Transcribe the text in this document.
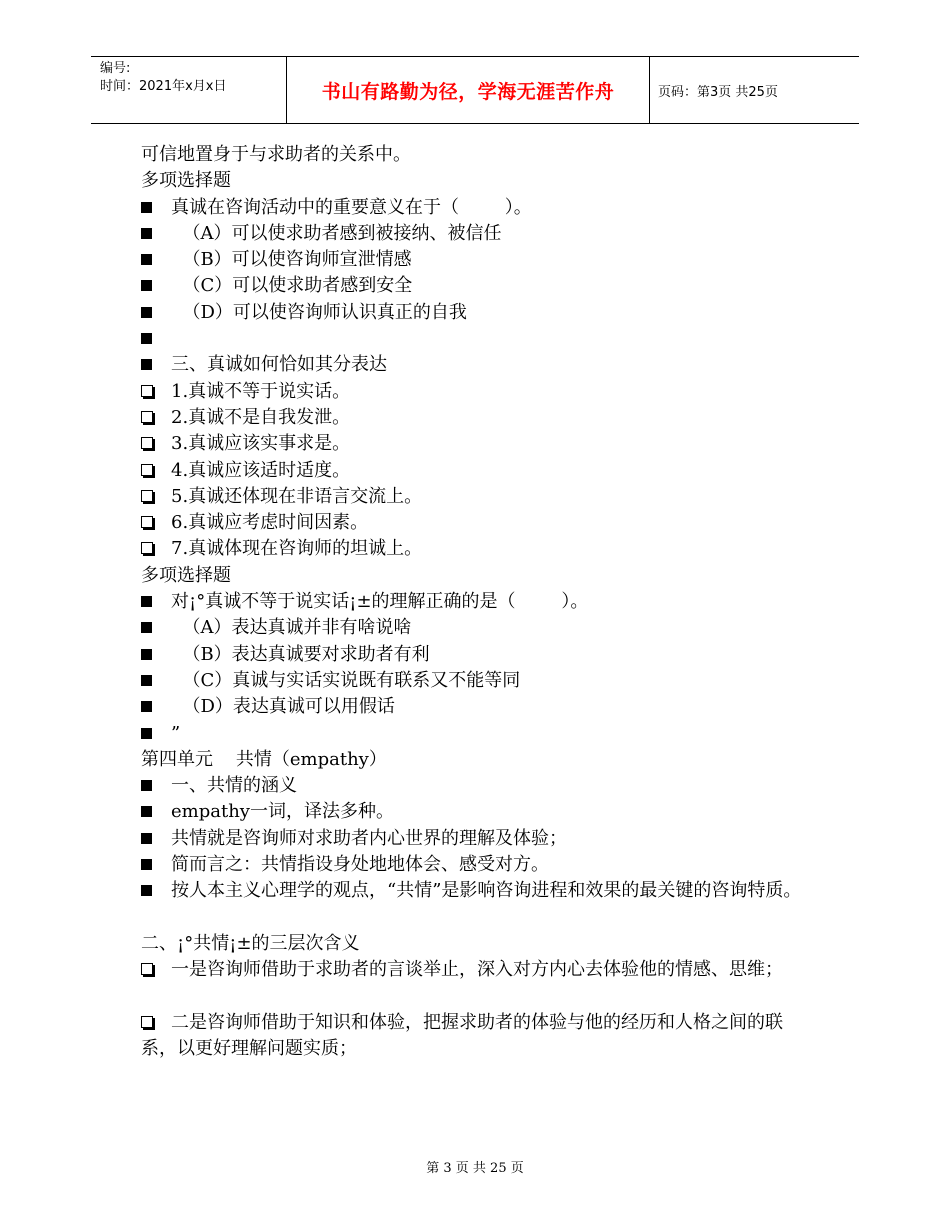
编号:
时间：2021年x月x日	书山有路勤为径，学海无涯苦作舟	页码：第3页 共25页
可信地置身于与求助者的关系中。
多项选择题
真诚在咨询活动中的重要意义在于（        ）。
（A）可以使求助者感到被接纳、被信任
（B）可以使咨询师宣泄情感
（C）可以使求助者感到安全
（D）可以使咨询师认识真正的自我
三、真诚如何恰如其分表达
1.真诚不等于说实话。
2.真诚不是自我发泄。
3.真诚应该实事求是。
4.真诚应该适时适度。
5.真诚还体现在非语言交流上。
6.真诚应考虑时间因素。
7.真诚体现在咨询师的坦诚上。
多项选择题
对¡°真诚不等于说实话¡±的理解正确的是（        ）。
（A）表达真诚并非有啥说啥
（B）表达真诚要对求助者有利
（C）真诚与实话实说既有联系又不能等同
（D）表达真诚可以用假话
”
第四单元    共情（empathy）
一、共情的涵义
empathy一词，译法多种。
共情就是咨询师对求助者内心世界的理解及体验；
简而言之：共情指设身处地地体会、感受对方。
按人本主义心理学的观点，“共情”是影响咨询进程和效果的最关键的咨询特质。
二、¡°共情¡±的三层次含义
一是咨询师借助于求助者的言谈举止，深入对方内心去体验他的情感、思维；
二是咨询师借助于知识和体验，把握求助者的体验与他的经历和人格之间的联系，以更好理解问题实质；
第 3 页 共 25 页
